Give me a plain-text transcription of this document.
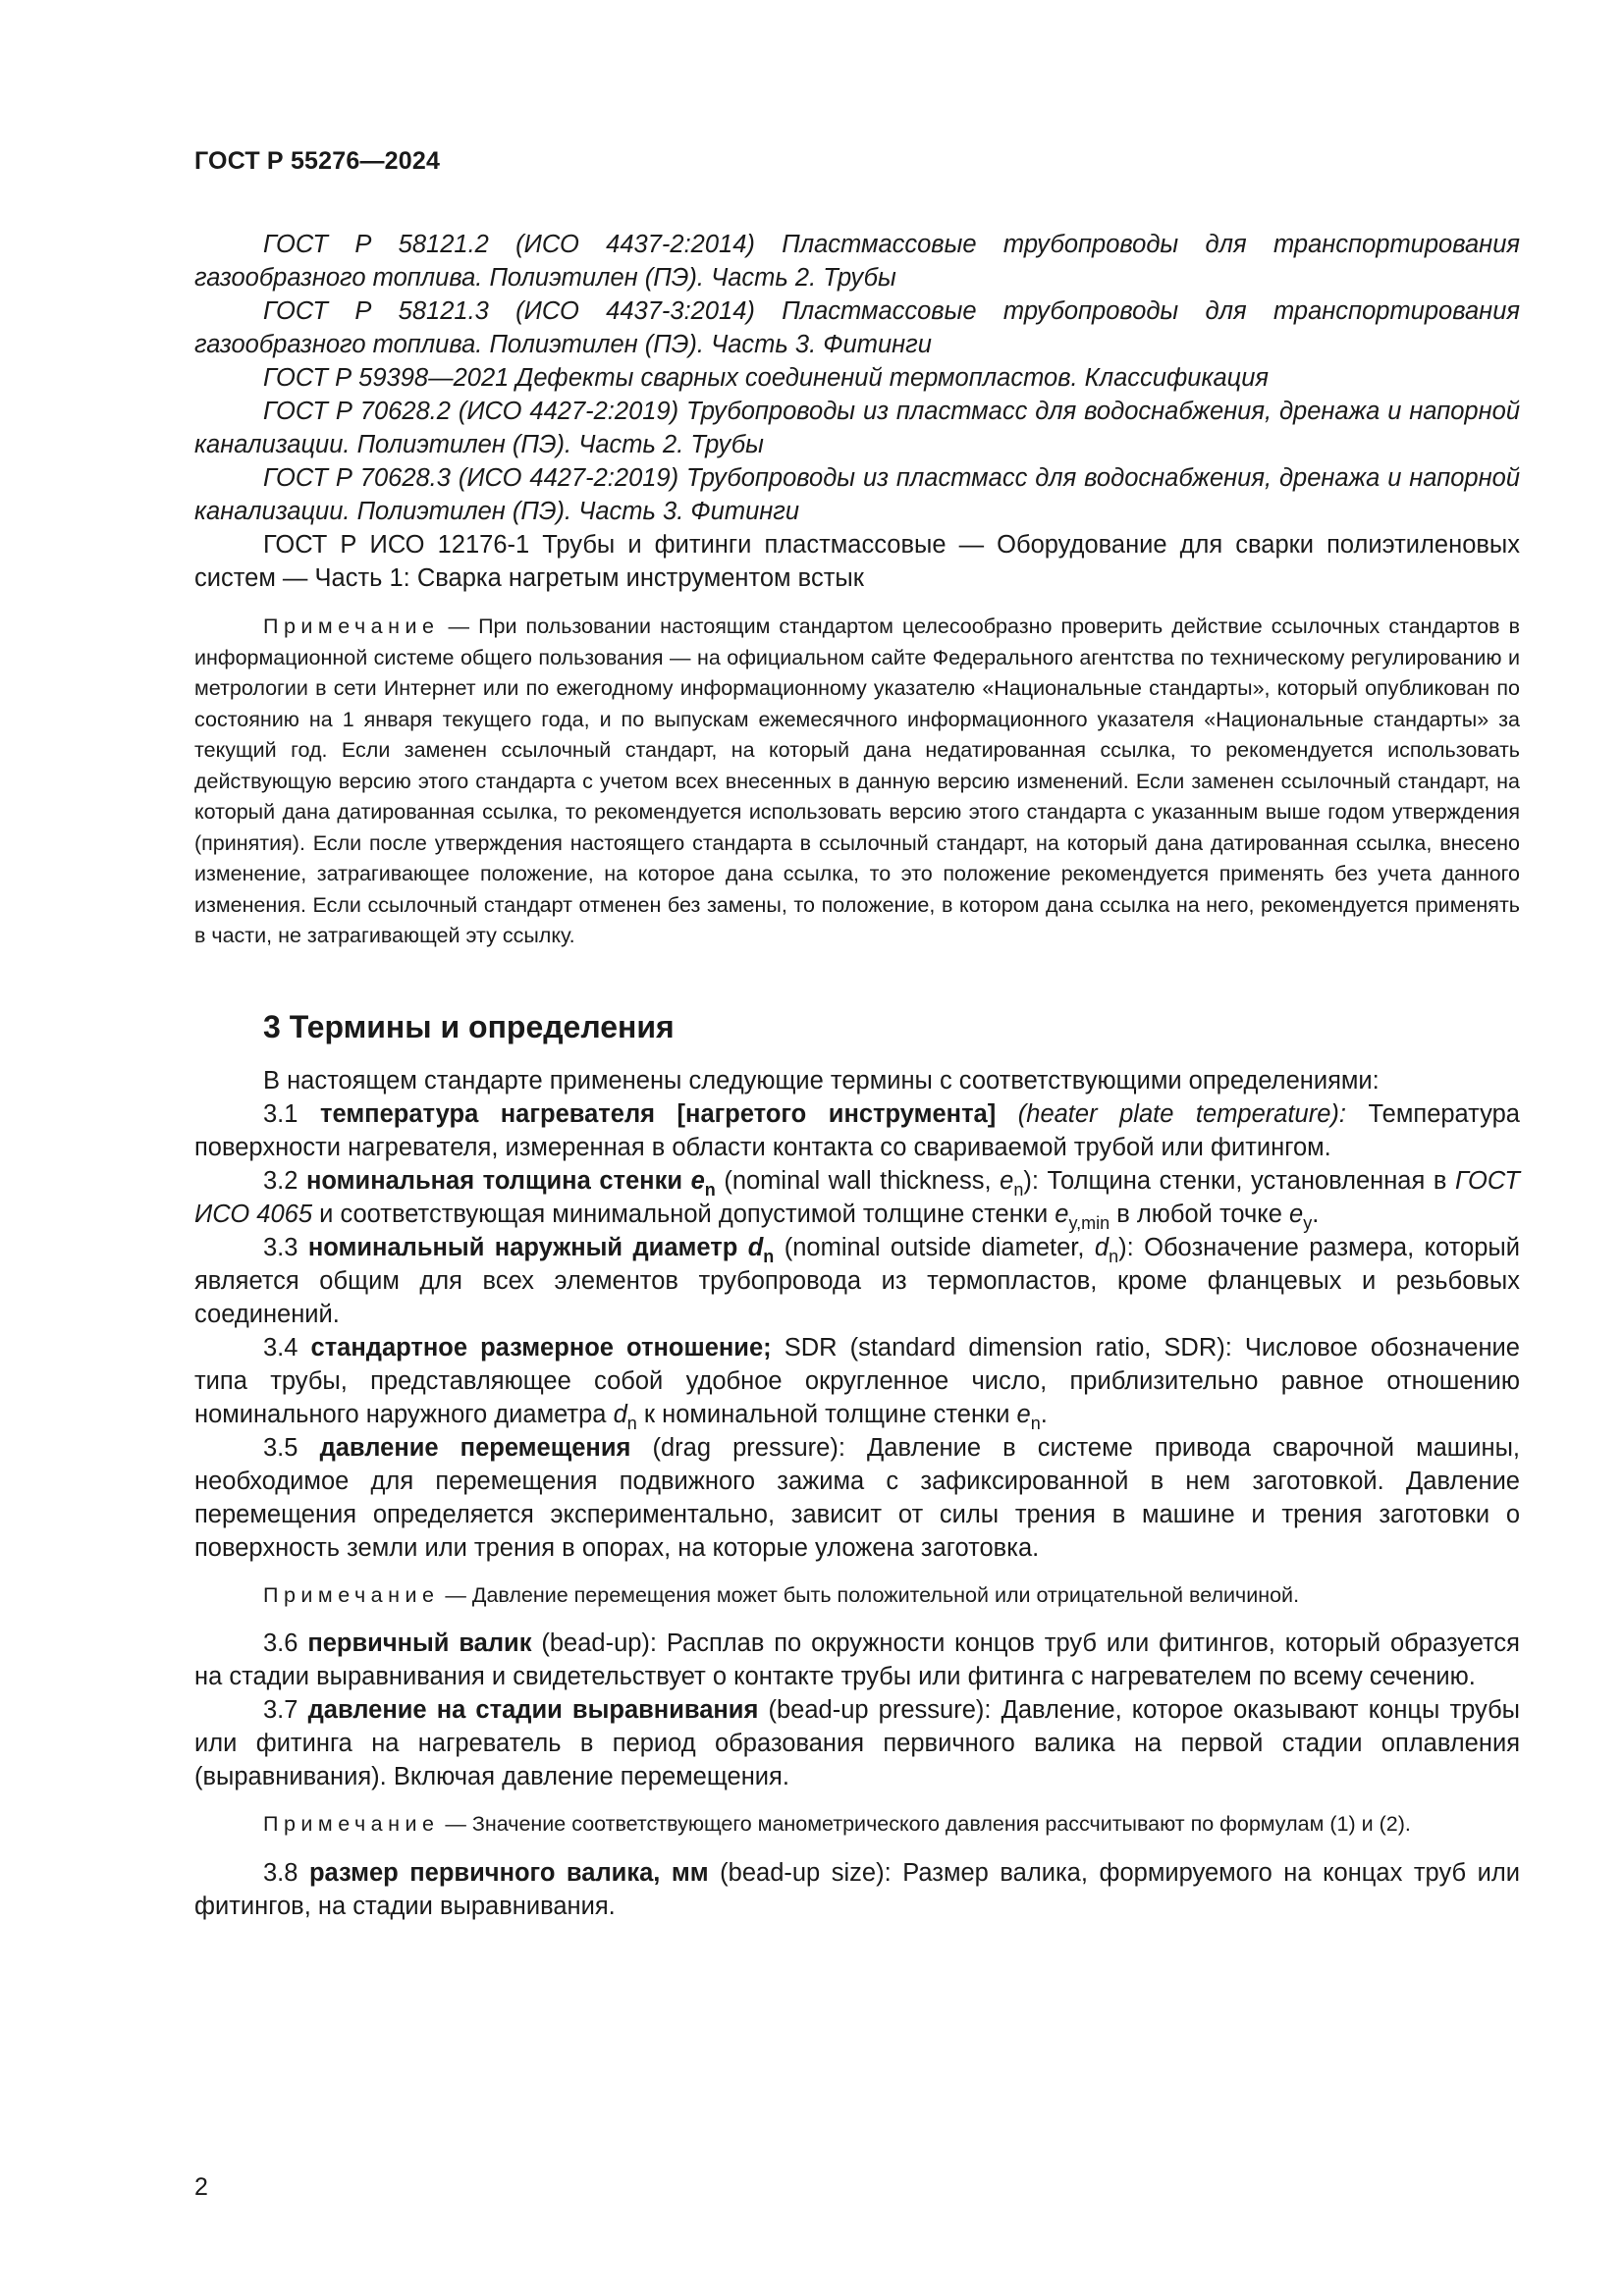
ГОСТ Р 55276—2024

ГОСТ Р 58121.2 (ИСО 4437-2:2014) Пластмассовые трубопроводы для транспортирования газообразного топлива. Полиэтилен (ПЭ). Часть 2. Трубы

ГОСТ Р 58121.3 (ИСО 4437-3:2014) Пластмассовые трубопроводы для транспортирования газообразного топлива. Полиэтилен (ПЭ). Часть 3. Фитинги

ГОСТ Р 59398—2021 Дефекты сварных соединений термопластов. Классификация

ГОСТ Р 70628.2 (ИСО 4427-2:2019) Трубопроводы из пластмасс для водоснабжения, дренажа и напорной канализации. Полиэтилен (ПЭ). Часть 2. Трубы

ГОСТ Р 70628.3 (ИСО 4427-2:2019) Трубопроводы из пластмасс для водоснабжения, дренажа и напорной канализации. Полиэтилен (ПЭ). Часть 3. Фитинги

ГОСТ Р ИСО 12176-1 Трубы и фитинги пластмассовые — Оборудование для сварки полиэтиленовых систем — Часть 1: Сварка нагретым инструментом встык

Примечание — При пользовании настоящим стандартом целесообразно проверить действие ссылочных стандартов в информационной системе общего пользования — на официальном сайте Федерального агентства по техническому регулированию и метрологии в сети Интернет или по ежегодному информационному указателю «Национальные стандарты», который опубликован по состоянию на 1 января текущего года, и по выпускам ежемесячного информационного указателя «Национальные стандарты» за текущий год. Если заменен ссылочный стандарт, на который дана недатированная ссылка, то рекомендуется использовать действующую версию этого стандарта с учетом всех внесенных в данную версию изменений. Если заменен ссылочный стандарт, на который дана датированная ссылка, то рекомендуется использовать версию этого стандарта с указанным выше годом утверждения (принятия). Если после утверждения настоящего стандарта в ссылочный стандарт, на который дана датированная ссылка, внесено изменение, затрагивающее положение, на которое дана ссылка, то это положение рекомендуется применять без учета данного изменения. Если ссылочный стандарт отменен без замены, то положение, в котором дана ссылка на него, рекомендуется применять в части, не затрагивающей эту ссылку.

3 Термины и определения

В настоящем стандарте применены следующие термины с соответствующими определениями:

3.1 температура нагревателя [нагретого инструмента] (heater plate temperature): Температура поверхности нагревателя, измеренная в области контакта со свариваемой трубой или фитингом.

3.2 номинальная толщина стенки $e_n$ (nominal wall thickness, $e_n$): Толщина стенки, установленная в ГОСТ ИСО 4065 и соответствующая минимальной допустимой толщине стенки $e_{y,min}$ в любой точке $e_y$.

3.3 номинальный наружный диаметр $d_n$ (nominal outside diameter, $d_n$): Обозначение размера, который является общим для всех элементов трубопровода из термопластов, кроме фланцевых и резьбовых соединений.

3.4 стандартное размерное отношение; SDR (standard dimension ratio, SDR): Числовое обозначение типа трубы, представляющее собой удобное округленное число, приблизительно равное отношению номинального наружного диаметра $d_n$ к номинальной толщине стенки $e_n$.

3.5 давление перемещения (drag pressure): Давление в системе привода сварочной машины, необходимое для перемещения подвижного зажима с зафиксированной в нем заготовкой. Давление перемещения определяется экспериментально, зависит от силы трения в машине и трения заготовки о поверхность земли или трения в опорах, на которые уложена заготовка.

Примечание — Давление перемещения может быть положительной или отрицательной величиной.

3.6 первичный валик (bead-up): Расплав по окружности концов труб или фитингов, который образуется на стадии выравнивания и свидетельствует о контакте трубы или фитинга с нагревателем по всему сечению.

3.7 давление на стадии выравнивания (bead-up pressure): Давление, которое оказывают концы трубы или фитинга на нагреватель в период образования первичного валика на первой стадии оплавления (выравнивания). Включая давление перемещения.

Примечание — Значение соответствующего манометрического давления рассчитывают по формулам (1) и (2).

3.8 размер первичного валика, мм (bead-up size): Размер валика, формируемого на концах труб или фитингов, на стадии выравнивания.

2
